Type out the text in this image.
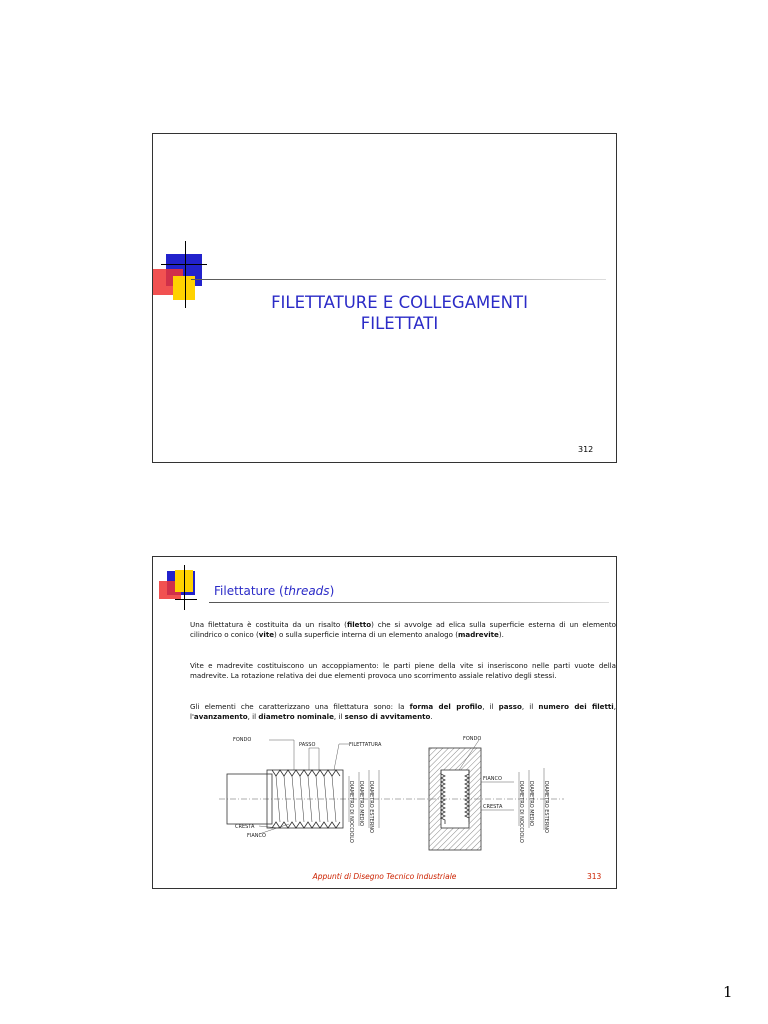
FILETTATURE E COLLEGAMENTI
FILETTATI
312
Filettature (threads)
Una filettatura è costituita da un risalto (filetto) che si avvolge ad elica sulla superficie esterna di un elemento cilindrico o conico (vite) o sulla superficie interna di un elemento analogo (madrevite).
Vite e madrevite costituiscono un accoppiamento: le parti piene della vite si inseriscono nelle parti vuote della madrevite. La rotazione relativa dei due elementi provoca uno scorrimento assiale relativo degli stessi.
Gli elementi che caratterizzano una filettatura sono: la forma del profilo, il passo, il numero dei filetti, l'avanzamento, il diametro nominale, il senso di avvitamento.
FONDO
PASSO	FILETTATURA
CRESTA
FIANCO	DIAMETRO DI NOCCIOLO DIAMETRO MEDIO DIAMETRO ESTERNO
FONDO
FIANCO
CRESTA	DIAMETRO DI NOCCIOLO DIAMETRO MEDIO DIAMETRO ESTERNO
Appunti di Disegno Tecnico Industriale	313
1
